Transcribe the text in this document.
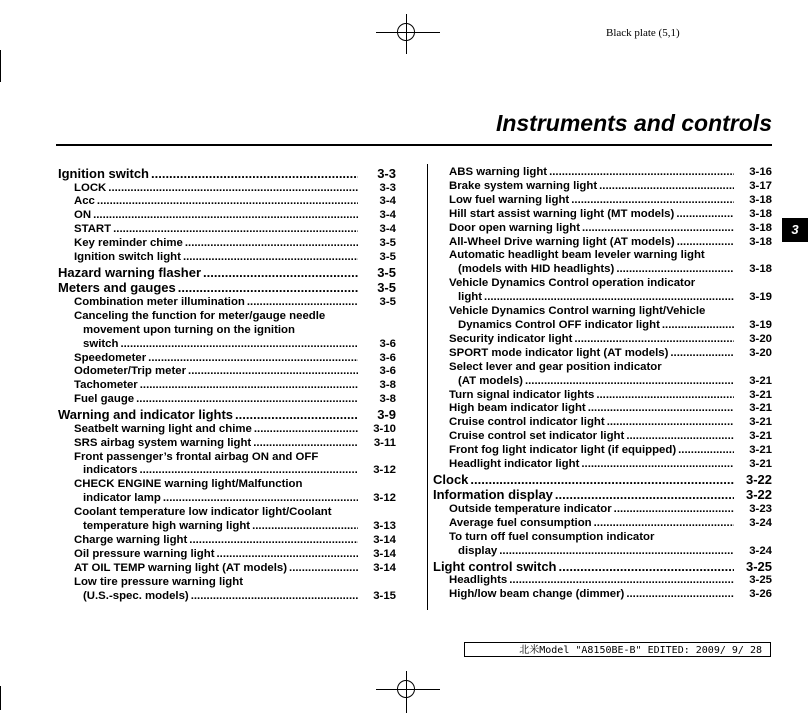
Black plate (5,1)
Instruments and controls
Ignition switch .....	3-3
LOCK .....	3-3
Acc .....	3-4
ON .....	3-4
START .....	3-4
Key reminder chime .....	3-5
Ignition switch light .....	3-5
Hazard warning flasher .....	3-5
Meters and gauges .....	3-5
Combination meter illumination .....	3-5
Canceling the function for meter/gauge needle
movement upon turning on the ignition
switch .....	3-6
Speedometer .....	3-6
Odometer/Trip meter .....	3-6
Tachometer .....	3-8
Fuel gauge .....	3-8
Warning and indicator lights .....	3-9
Seatbelt warning light and chime .....	3-10
SRS airbag system warning light .....	3-11
Front passenger’s frontal airbag ON and OFF
indicators .....	3-12
CHECK ENGINE warning light/Malfunction
indicator lamp .....	3-12
Coolant temperature low indicator light/Coolant
temperature high warning light .....	3-13
Charge warning light .....	3-14
Oil pressure warning light .....	3-14
AT OIL TEMP warning light (AT models) .....	3-14
Low tire pressure warning light
(U.S.-spec. models) .....	3-15
ABS warning light .....	3-16
Brake system warning light .....	3-17
Low fuel warning light .....	3-18
Hill start assist warning light (MT models) .....	3-18
Door open warning light .....	3-18
All-Wheel Drive warning light (AT models) .....	3-18
Automatic headlight beam leveler warning light
(models with HID headlights) .....	3-18
Vehicle Dynamics Control operation indicator
light .....	3-19
Vehicle Dynamics Control warning light/Vehicle
Dynamics Control OFF indicator light .....	3-19
Security indicator light .....	3-20
SPORT mode indicator light (AT models) .....	3-20
Select lever and gear position indicator
(AT models) .....	3-21
Turn signal indicator lights .....	3-21
High beam indicator light .....	3-21
Cruise control indicator light .....	3-21
Cruise control set indicator light .....	3-21
Front fog light indicator light (if equipped) .....	3-21
Headlight indicator light .....	3-21
Clock .....	3-22
Information display .....	3-22
Outside temperature indicator .....	3-23
Average fuel consumption .....	3-24
To turn off fuel consumption indicator
display .....	3-24
Light control switch .....	3-25
Headlights .....	3-25
High/low beam change (dimmer) .....	3-26
3
北米Model "A8150BE-B" EDITED: 2009/ 9/ 28
